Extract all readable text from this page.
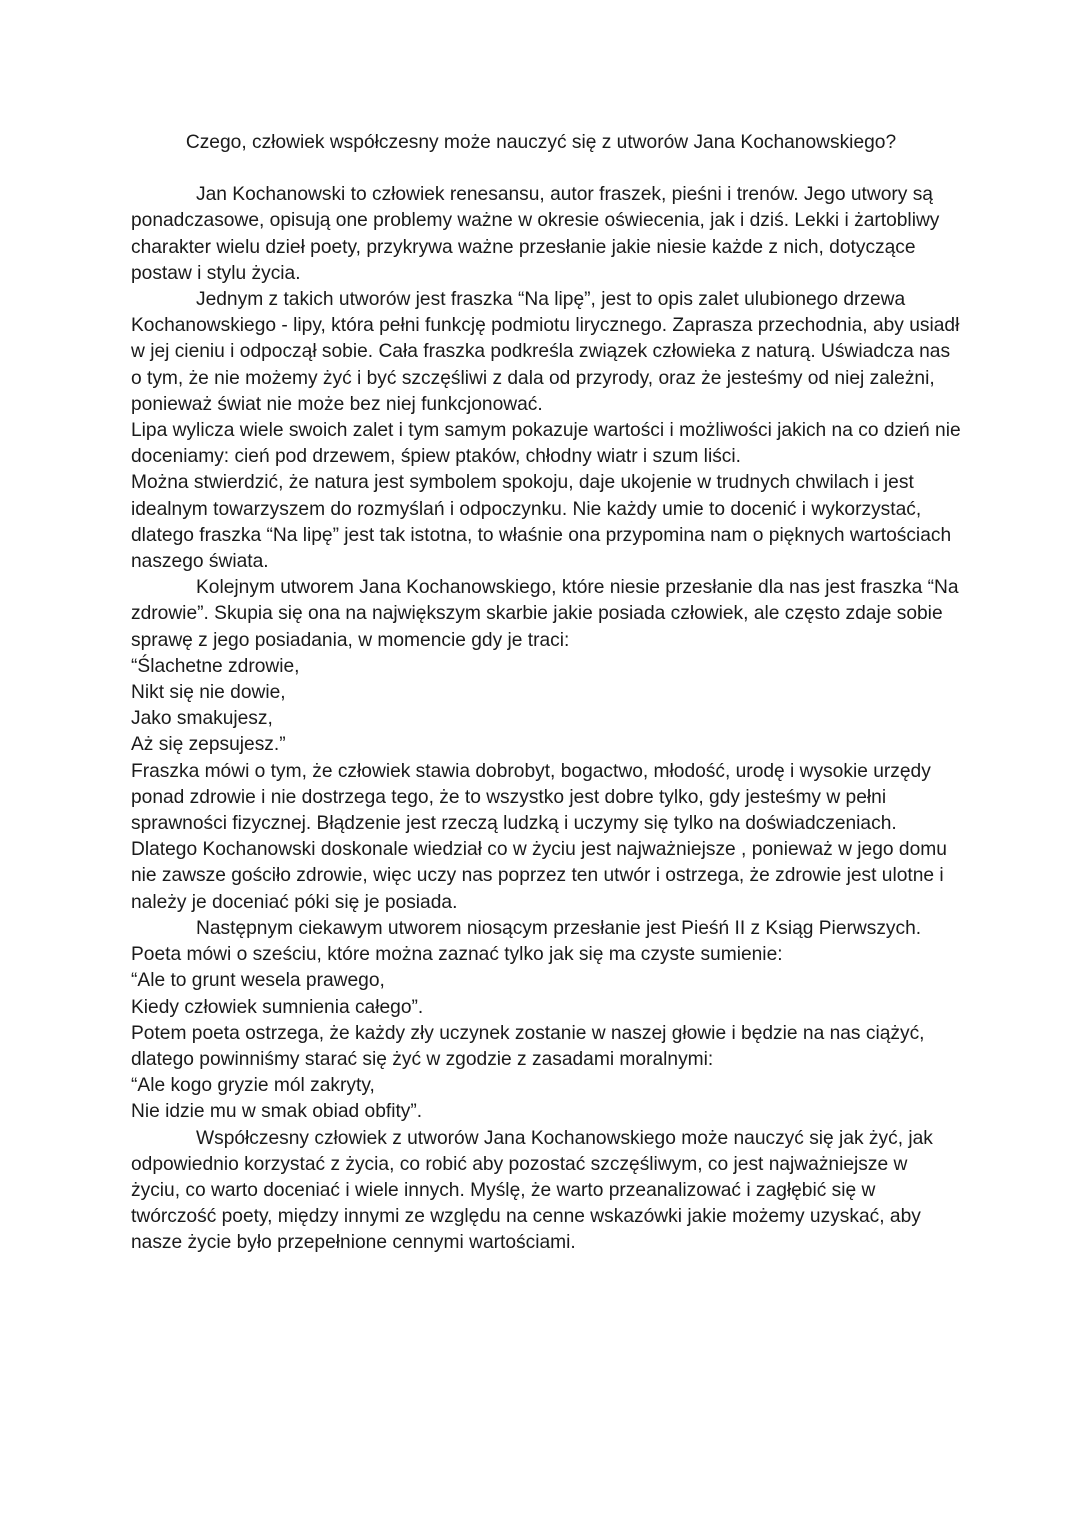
Czego, człowiek współczesny może nauczyć się z utworów Jana Kochanowskiego?

Jan Kochanowski to człowiek renesansu, autor fraszek, pieśni i trenów. Jego utwory są ponadczasowe, opisują one problemy ważne w okresie oświecenia, jak i dziś. Lekki i żartobliwy charakter wielu dzieł poety, przykrywa ważne przesłanie jakie niesie każde z nich, dotyczące postaw i stylu życia.

Jednym z takich utworów jest fraszka “Na lipę”, jest to opis zalet ulubionego drzewa Kochanowskiego - lipy, która pełni funkcję podmiotu lirycznego. Zaprasza przechodnia, aby usiadł w jej cieniu i odpoczął sobie. Cała fraszka podkreśla związek człowieka z naturą. Uświadcza nas o tym, że nie możemy żyć i być szczęśliwi z dala od przyrody, oraz że jesteśmy od niej zależni, ponieważ świat nie może bez niej funkcjonować.

Lipa wylicza wiele swoich zalet i tym samym pokazuje wartości i możliwości jakich na co dzień nie doceniamy: cień pod drzewem, śpiew ptaków, chłodny wiatr i szum liści.

Można stwierdzić, że natura jest symbolem spokoju, daje ukojenie w trudnych chwilach i jest idealnym towarzyszem do rozmyślań i odpoczynku. Nie każdy umie to docenić i wykorzystać, dlatego fraszka “Na lipę” jest tak istotna, to właśnie ona przypomina nam o pięknych wartościach naszego świata.

Kolejnym utworem Jana Kochanowskiego, które niesie przesłanie dla nas jest fraszka “Na zdrowie”. Skupia się ona na największym skarbie jakie posiada człowiek, ale często zdaje sobie sprawę z jego posiadania, w momencie gdy je traci:

“Ślachetne zdrowie,

Nikt się nie dowie,

Jako smakujesz,

Aż się zepsujesz.”

Fraszka mówi o tym, że człowiek stawia dobrobyt, bogactwo, młodość, urodę i wysokie urzędy ponad zdrowie i nie dostrzega tego, że to wszystko jest dobre tylko, gdy jesteśmy w pełni sprawności fizycznej. Błądzenie jest rzeczą ludzką i uczymy się tylko na doświadczeniach. Dlatego Kochanowski doskonale wiedział co w życiu jest najważniejsze , ponieważ w jego domu nie zawsze gościło zdrowie, więc uczy nas poprzez ten utwór i ostrzega, że zdrowie jest ulotne i należy je doceniać póki się je posiada.

Następnym ciekawym utworem niosącym przesłanie jest Pieśń II z Ksiąg Pierwszych. Poeta mówi o sześciu, które można zaznać tylko jak się ma czyste sumienie:

“Ale to grunt wesela prawego,

Kiedy człowiek sumnienia całego”.

Potem poeta ostrzega, że każdy zły uczynek zostanie w naszej głowie i będzie na nas ciążyć, dlatego powinniśmy starać się żyć w zgodzie z zasadami moralnymi:

“Ale kogo gryzie mól zakryty,

Nie idzie mu w smak obiad obfity”.

Współczesny człowiek z utworów Jana Kochanowskiego może nauczyć się jak żyć, jak odpowiednio korzystać z życia, co robić aby pozostać szczęśliwym, co jest najważniejsze w życiu, co warto doceniać i wiele innych. Myślę, że warto przeanalizować i zagłębić się w twórczość poety, między innymi ze względu na cenne wskazówki jakie możemy uzyskać, aby nasze życie było przepełnione cennymi wartościami.
